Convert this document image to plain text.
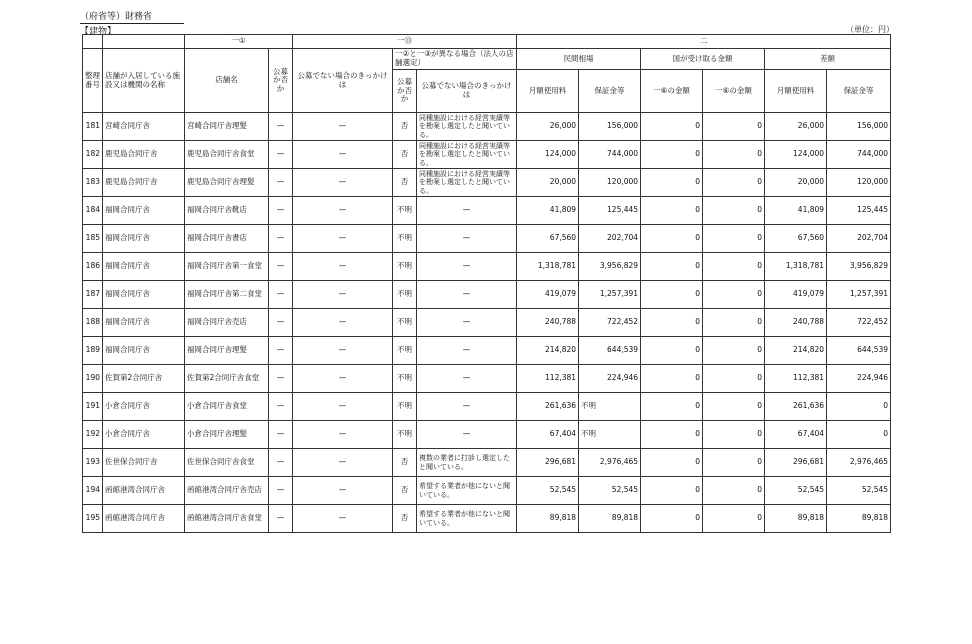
（府省等）財務省
【建物】	（単位：円）
		一①		一⑬			二					
整理番号	店舗が入居している施設又は機関の名称	店舗名	公募か否か	公募でない場合のきっかけは	一②と一③が異なる場合（法人の店舗選定）		民間相場		国が受け取る金額		差額	
					公募か否か	公募でない場合のきっかけは	月額使用料	保証金等	一⑥の金額	一⑥の金額	月額使用料	保証金等
181	宮崎合同庁舎	宮崎合同庁舎理髪	—	—	否	同種施設における経営実績等を勘案し選定したと聞いている。	26,000	156,000	0	0	26,000	156,000
182	鹿児島合同庁舎	鹿児島合同庁舎食堂	—	—	否	同種施設における経営実績等を勘案し選定したと聞いている。	124,000	744,000	0	0	124,000	744,000
183	鹿児島合同庁舎	鹿児島合同庁舎理髪	—	—	否	同種施設における経営実績等を勘案し選定したと聞いている。	20,000	120,000	0	0	20,000	120,000
184	福岡合同庁舎	福岡合同庁舎靴店	—	—	不明	—	41,809	125,445	0	0	41,809	125,445
185	福岡合同庁舎	福岡合同庁舎書店	—	—	不明	—	67,560	202,704	0	0	67,560	202,704
186	福岡合同庁舎	福岡合同庁舎第一食堂	—	—	不明	—	1,318,781	3,956,829	0	0	1,318,781	3,956,829
187	福岡合同庁舎	福岡合同庁舎第二食堂	—	—	不明	—	419,079	1,257,391	0	0	419,079	1,257,391
188	福岡合同庁舎	福岡合同庁舎売店	—	—	不明	—	240,788	722,452	0	0	240,788	722,452
189	福岡合同庁舎	福岡合同庁舎理髪	—	—	不明	—	214,820	644,539	0	0	214,820	644,539
190	佐賀第2合同庁舎	佐賀第2合同庁舎食堂	—	—	不明	—	112,381	224,946	0	0	112,381	224,946
191	小倉合同庁舎	小倉合同庁舎食堂	—	—	不明	—	261,636	不明	0	0	261,636	0
192	小倉合同庁舎	小倉合同庁舎理髪	—	—	不明	—	67,404	不明	0	0	67,404	0
193	佐世保合同庁舎	佐世保合同庁舎食堂	—	—	否	複数の業者に打診し選定したと聞いている。	296,681	2,976,465	0	0	296,681	2,976,465
194	函館港湾合同庁舎	函館港湾合同庁舎売店	—	—	否	希望する業者が他にないと聞いている。	52,545	52,545	0	0	52,545	52,545
195	函館港湾合同庁舎	函館港湾合同庁舎食堂	—	—	否	希望する業者が他にないと聞いている。	89,818	89,818	0	0	89,818	89,818
